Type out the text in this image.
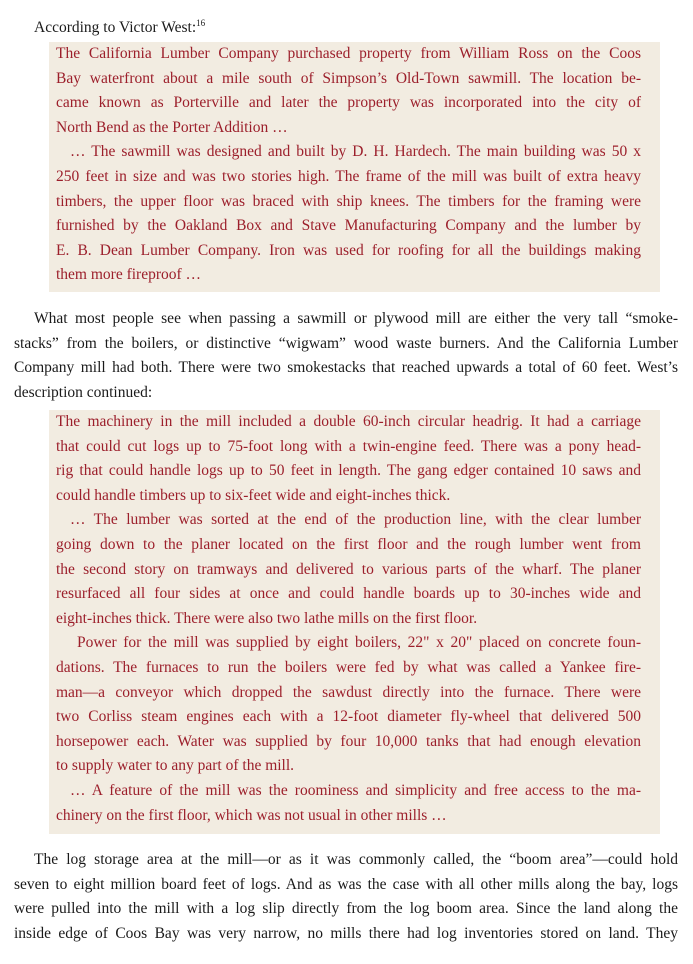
According to Victor West:$^{16}$

The California Lumber Company purchased property from William Ross on the Coos
Bay waterfront about a mile south of Simpson’s Old-Town sawmill. The location be-
came known as Porterville and later the property was incorporated into the city of

North Bend as the Porter Addition …

… The sawmill was designed and built by D. H. Hardech. The main building was 50 x

250 feet in size and was two stories high. The frame of the mill was built of extra heavy
timbers, the upper floor was braced with ship knees. The timbers for the framing were
furnished by the Oakland Box and Stave Manufacturing Company and the lumber by
E. B. Dean Lumber Company. Iron was used for roofing for all the buildings making

them more fireproof …

What most people see when passing a sawmill or plywood mill are either the very tall “smoke-
stacks” from the boilers, or distinctive “wigwam” wood waste burners. And the California Lumber
Company mill had both. There were two smokestacks that reached upwards a total of 60 feet. West’s

description continued:

The machinery in the mill included a double 60-inch circular headrig. It had a carriage
that could cut logs up to 75-foot long with a twin-engine feed. There was a pony head-
rig that could handle logs up to 50 feet in length. The gang edger contained 10 saws and

could handle timbers up to six-feet wide and eight-inches thick.

… The lumber was sorted at the end of the production line, with the clear lumber

going down to the planer located on the first floor and the rough lumber went from
the second story on tramways and delivered to various parts of the wharf. The planer
resurfaced all four sides at once and could handle boards up to 30-inches wide and

eight-inches thick. There were also two lathe mills on the first floor.

Power for the mill was supplied by eight boilers, 22" x 20" placed on concrete foun-

dations. The furnaces to run the boilers were fed by what was called a Yankee fire-
man—a conveyor which dropped the sawdust directly into the furnace. There were
two Corliss steam engines each with a 12-foot diameter fly-wheel that delivered 500
horsepower each. Water was supplied by four 10,000 tanks that had enough elevation

to supply water to any part of the mill.

… A feature of the mill was the roominess and simplicity and free access to the ma-

chinery on the first floor, which was not usual in other mills …

The log storage area at the mill—or as it was commonly called, the “boom area”—could hold
seven to eight million board feet of logs. And as was the case with all other mills along the bay, logs
were pulled into the mill with a log slip directly from the log boom area. Since the land along the
inside edge of Coos Bay was very narrow, no mills there had log inventories stored on land. They
